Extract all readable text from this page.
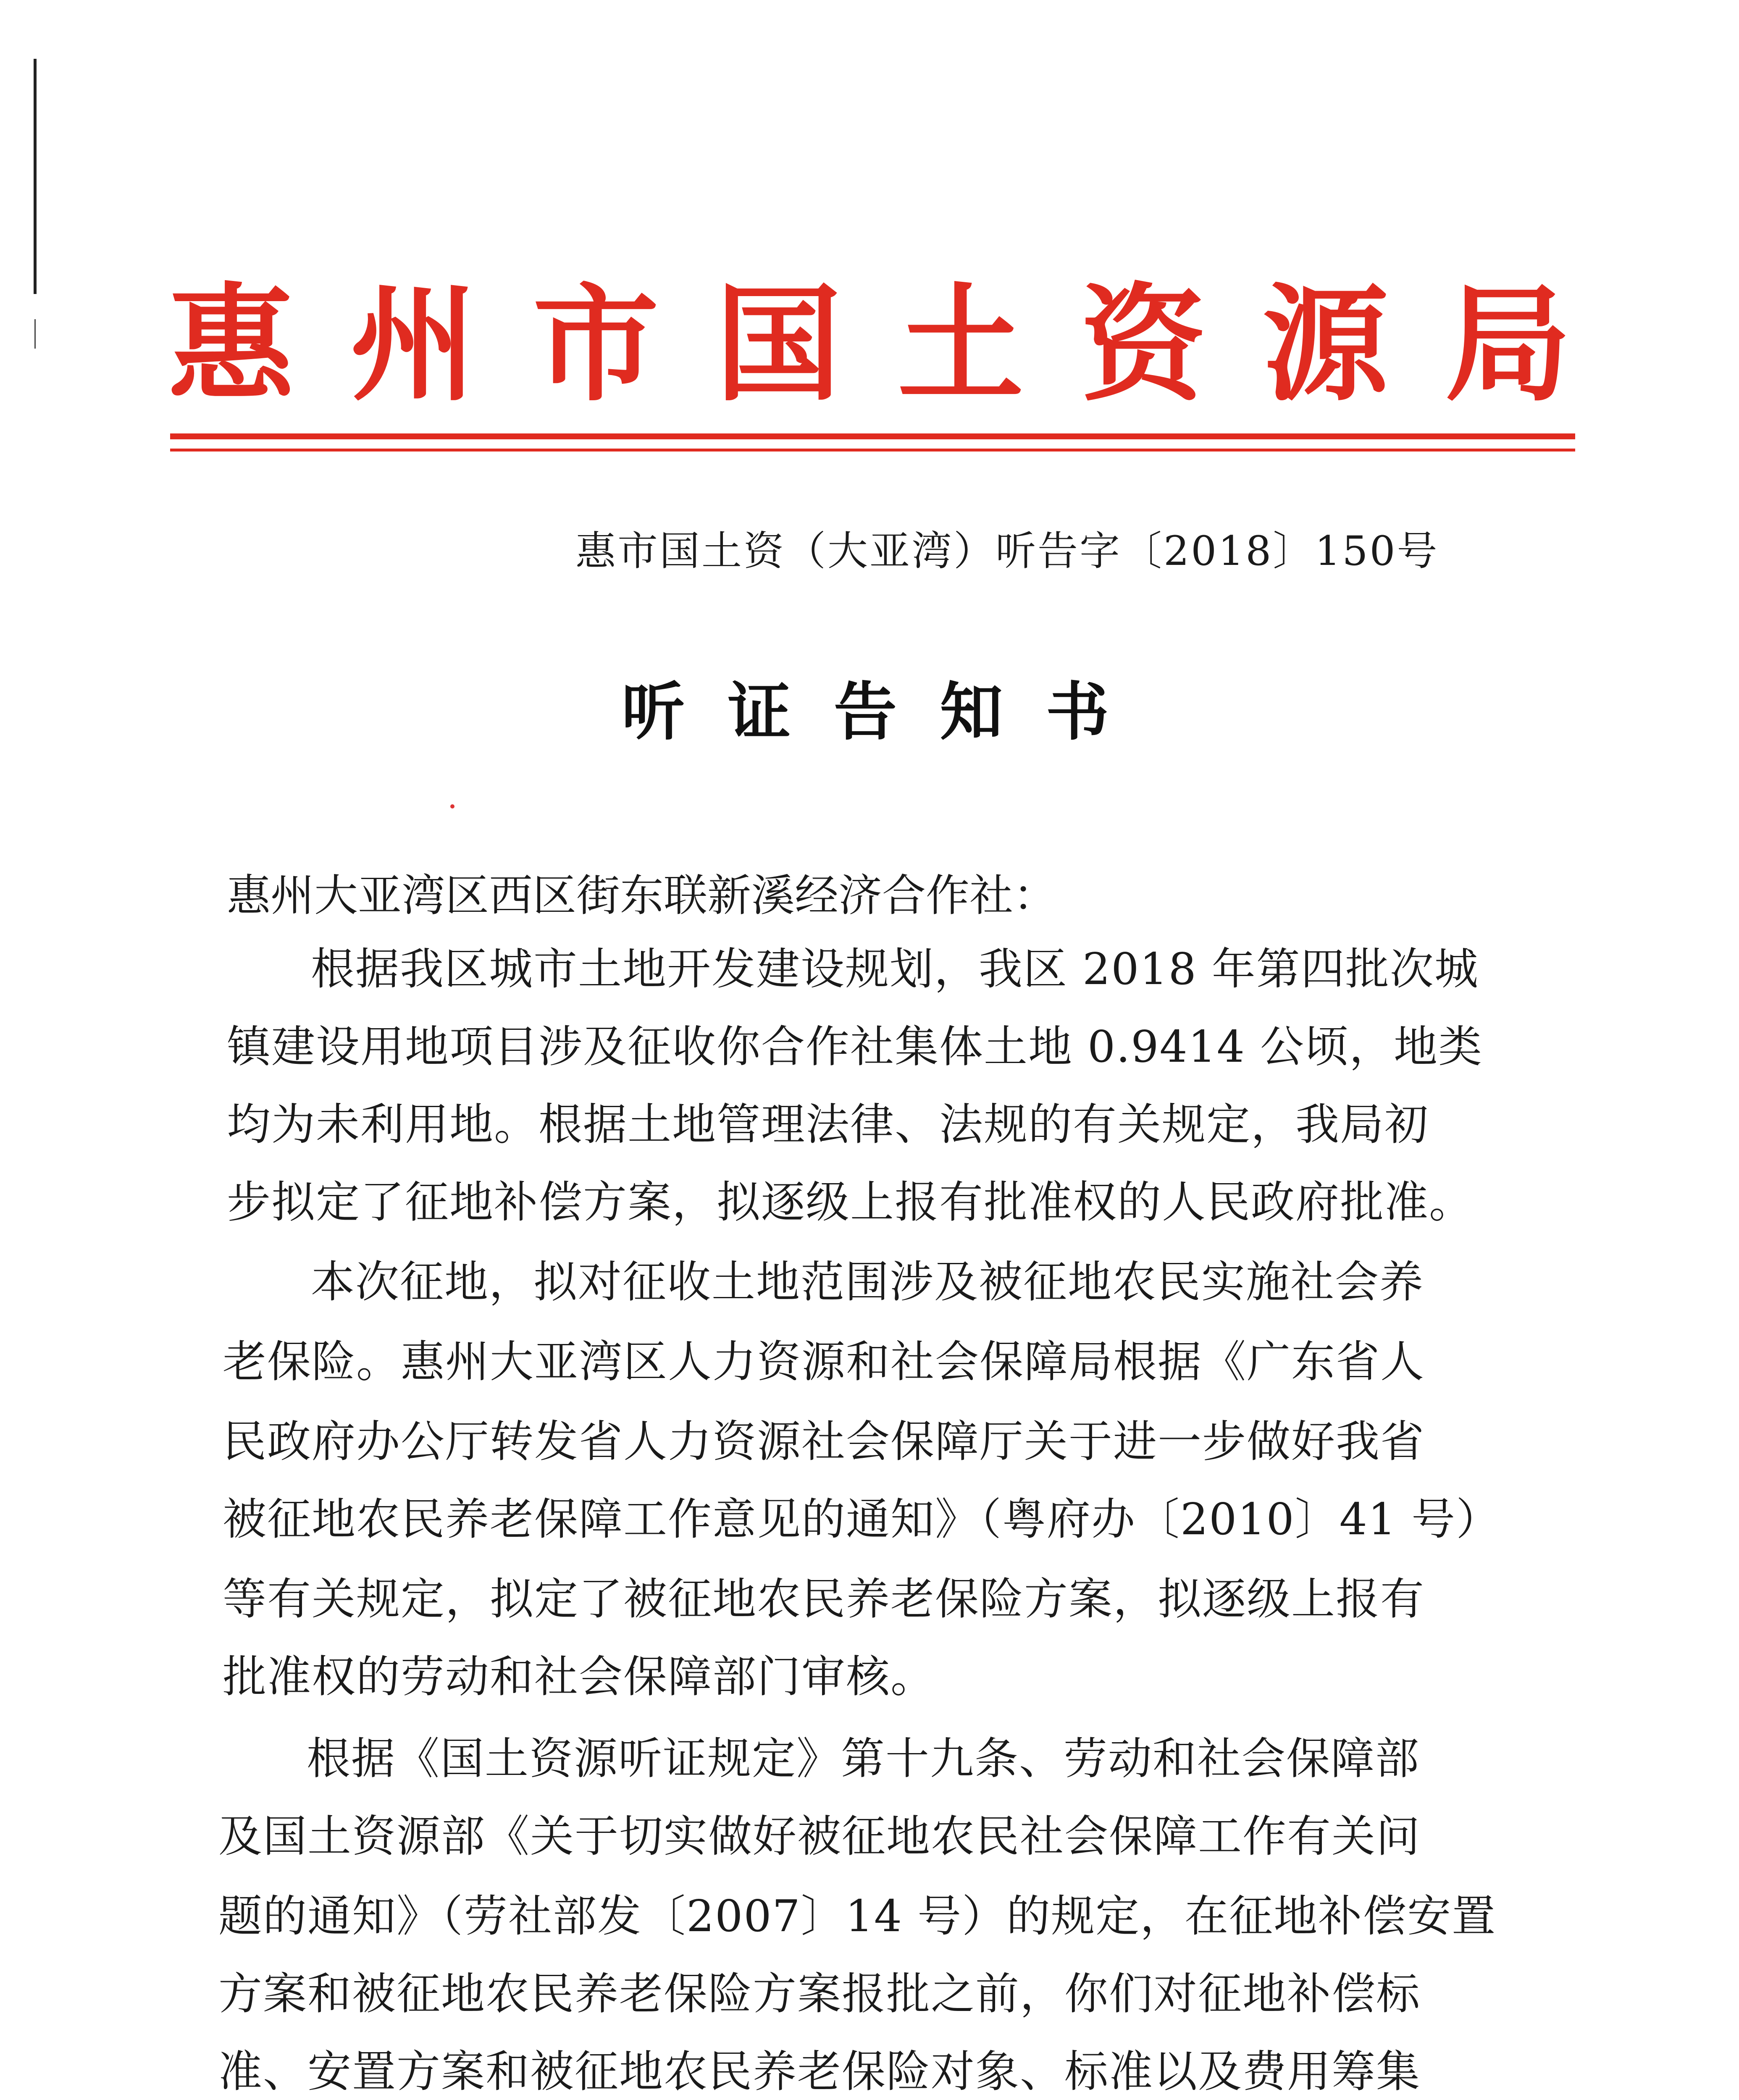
惠 州 市 国 土 资 源 局
惠市国土资（大亚湾）听告字〔2018〕150号
听 证 告 知 书
惠州大亚湾区西区街东联新溪经济合作社：
根据我区城市土地开发建设规划，我区 2018 年第四批次城
镇建设用地项目涉及征收你合作社集体土地 0.9414 公顷，地类
均为未利用地。根据土地管理法律、法规的有关规定，我局初
步拟定了征地补偿方案，拟逐级上报有批准权的人民政府批准。
本次征地，拟对征收土地范围涉及被征地农民实施社会养
老保险。惠州大亚湾区人力资源和社会保障局根据《广东省人
民政府办公厅转发省人力资源社会保障厅关于进一步做好我省
被征地农民养老保障工作意见的通知》（粤府办〔2010〕41 号）
等有关规定，拟定了被征地农民养老保险方案，拟逐级上报有
批准权的劳动和社会保障部门审核。
根据《国土资源听证规定》第十九条、劳动和社会保障部
及国土资源部《关于切实做好被征地农民社会保障工作有关问
题的通知》（劳社部发〔2007〕14 号）的规定，在征地补偿安置
方案和被征地农民养老保险方案报批之前，你们对征地补偿标
准、安置方案和被征地农民养老保险对象、标准以及费用筹集
